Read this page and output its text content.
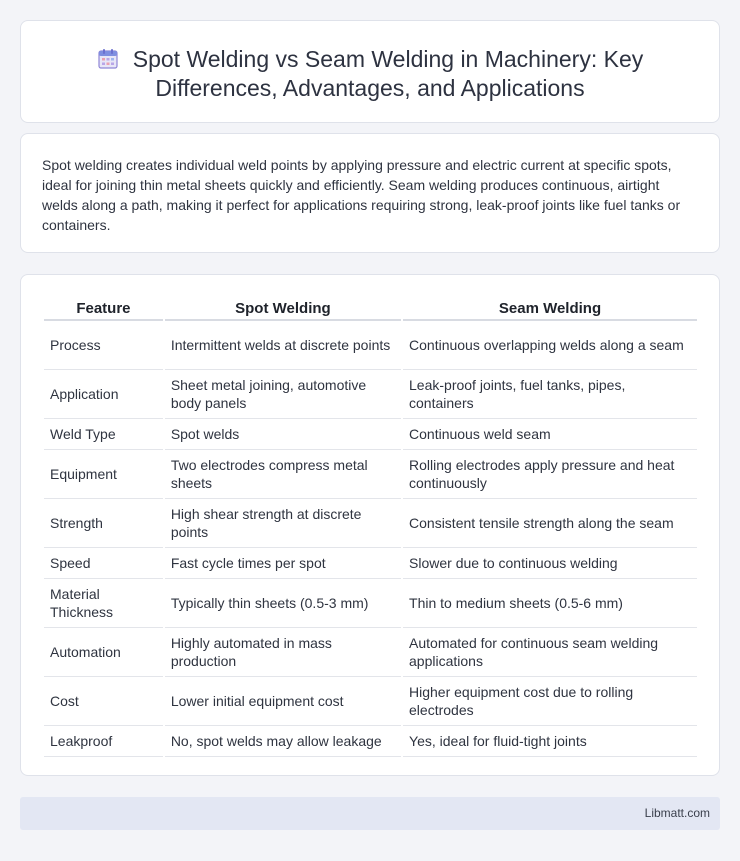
Spot Welding vs Seam Welding in Machinery: Key
Differences, Advantages, and Applications

Spot welding creates individual weld points by applying pressure and electric current at specific spots, ideal for joining thin metal sheets quickly and efficiently. Seam welding produces continuous, airtight welds along a path, making it perfect for applications requiring strong, leak-proof joints like fuel tanks or containers.

Feature	Spot Welding	Seam Welding
Process	Intermittent welds at discrete points	Continuous overlapping welds along a seam
Application	Sheet metal joining, automotive body panels	Leak-proof joints, fuel tanks, pipes, containers
Weld Type	Spot welds	Continuous weld seam
Equipment	Two electrodes compress metal sheets	Rolling electrodes apply pressure and heat continuously
Strength	High shear strength at discrete points	Consistent tensile strength along the seam
Speed	Fast cycle times per spot	Slower due to continuous welding
Material Thickness	Typically thin sheets (0.5-3 mm)	Thin to medium sheets (0.5-6 mm)
Automation	Highly automated in mass production	Automated for continuous seam welding applications
Cost	Lower initial equipment cost	Higher equipment cost due to rolling electrodes
Leakproof	No, spot welds may allow leakage	Yes, ideal for fluid-tight joints
Libmatt.com
